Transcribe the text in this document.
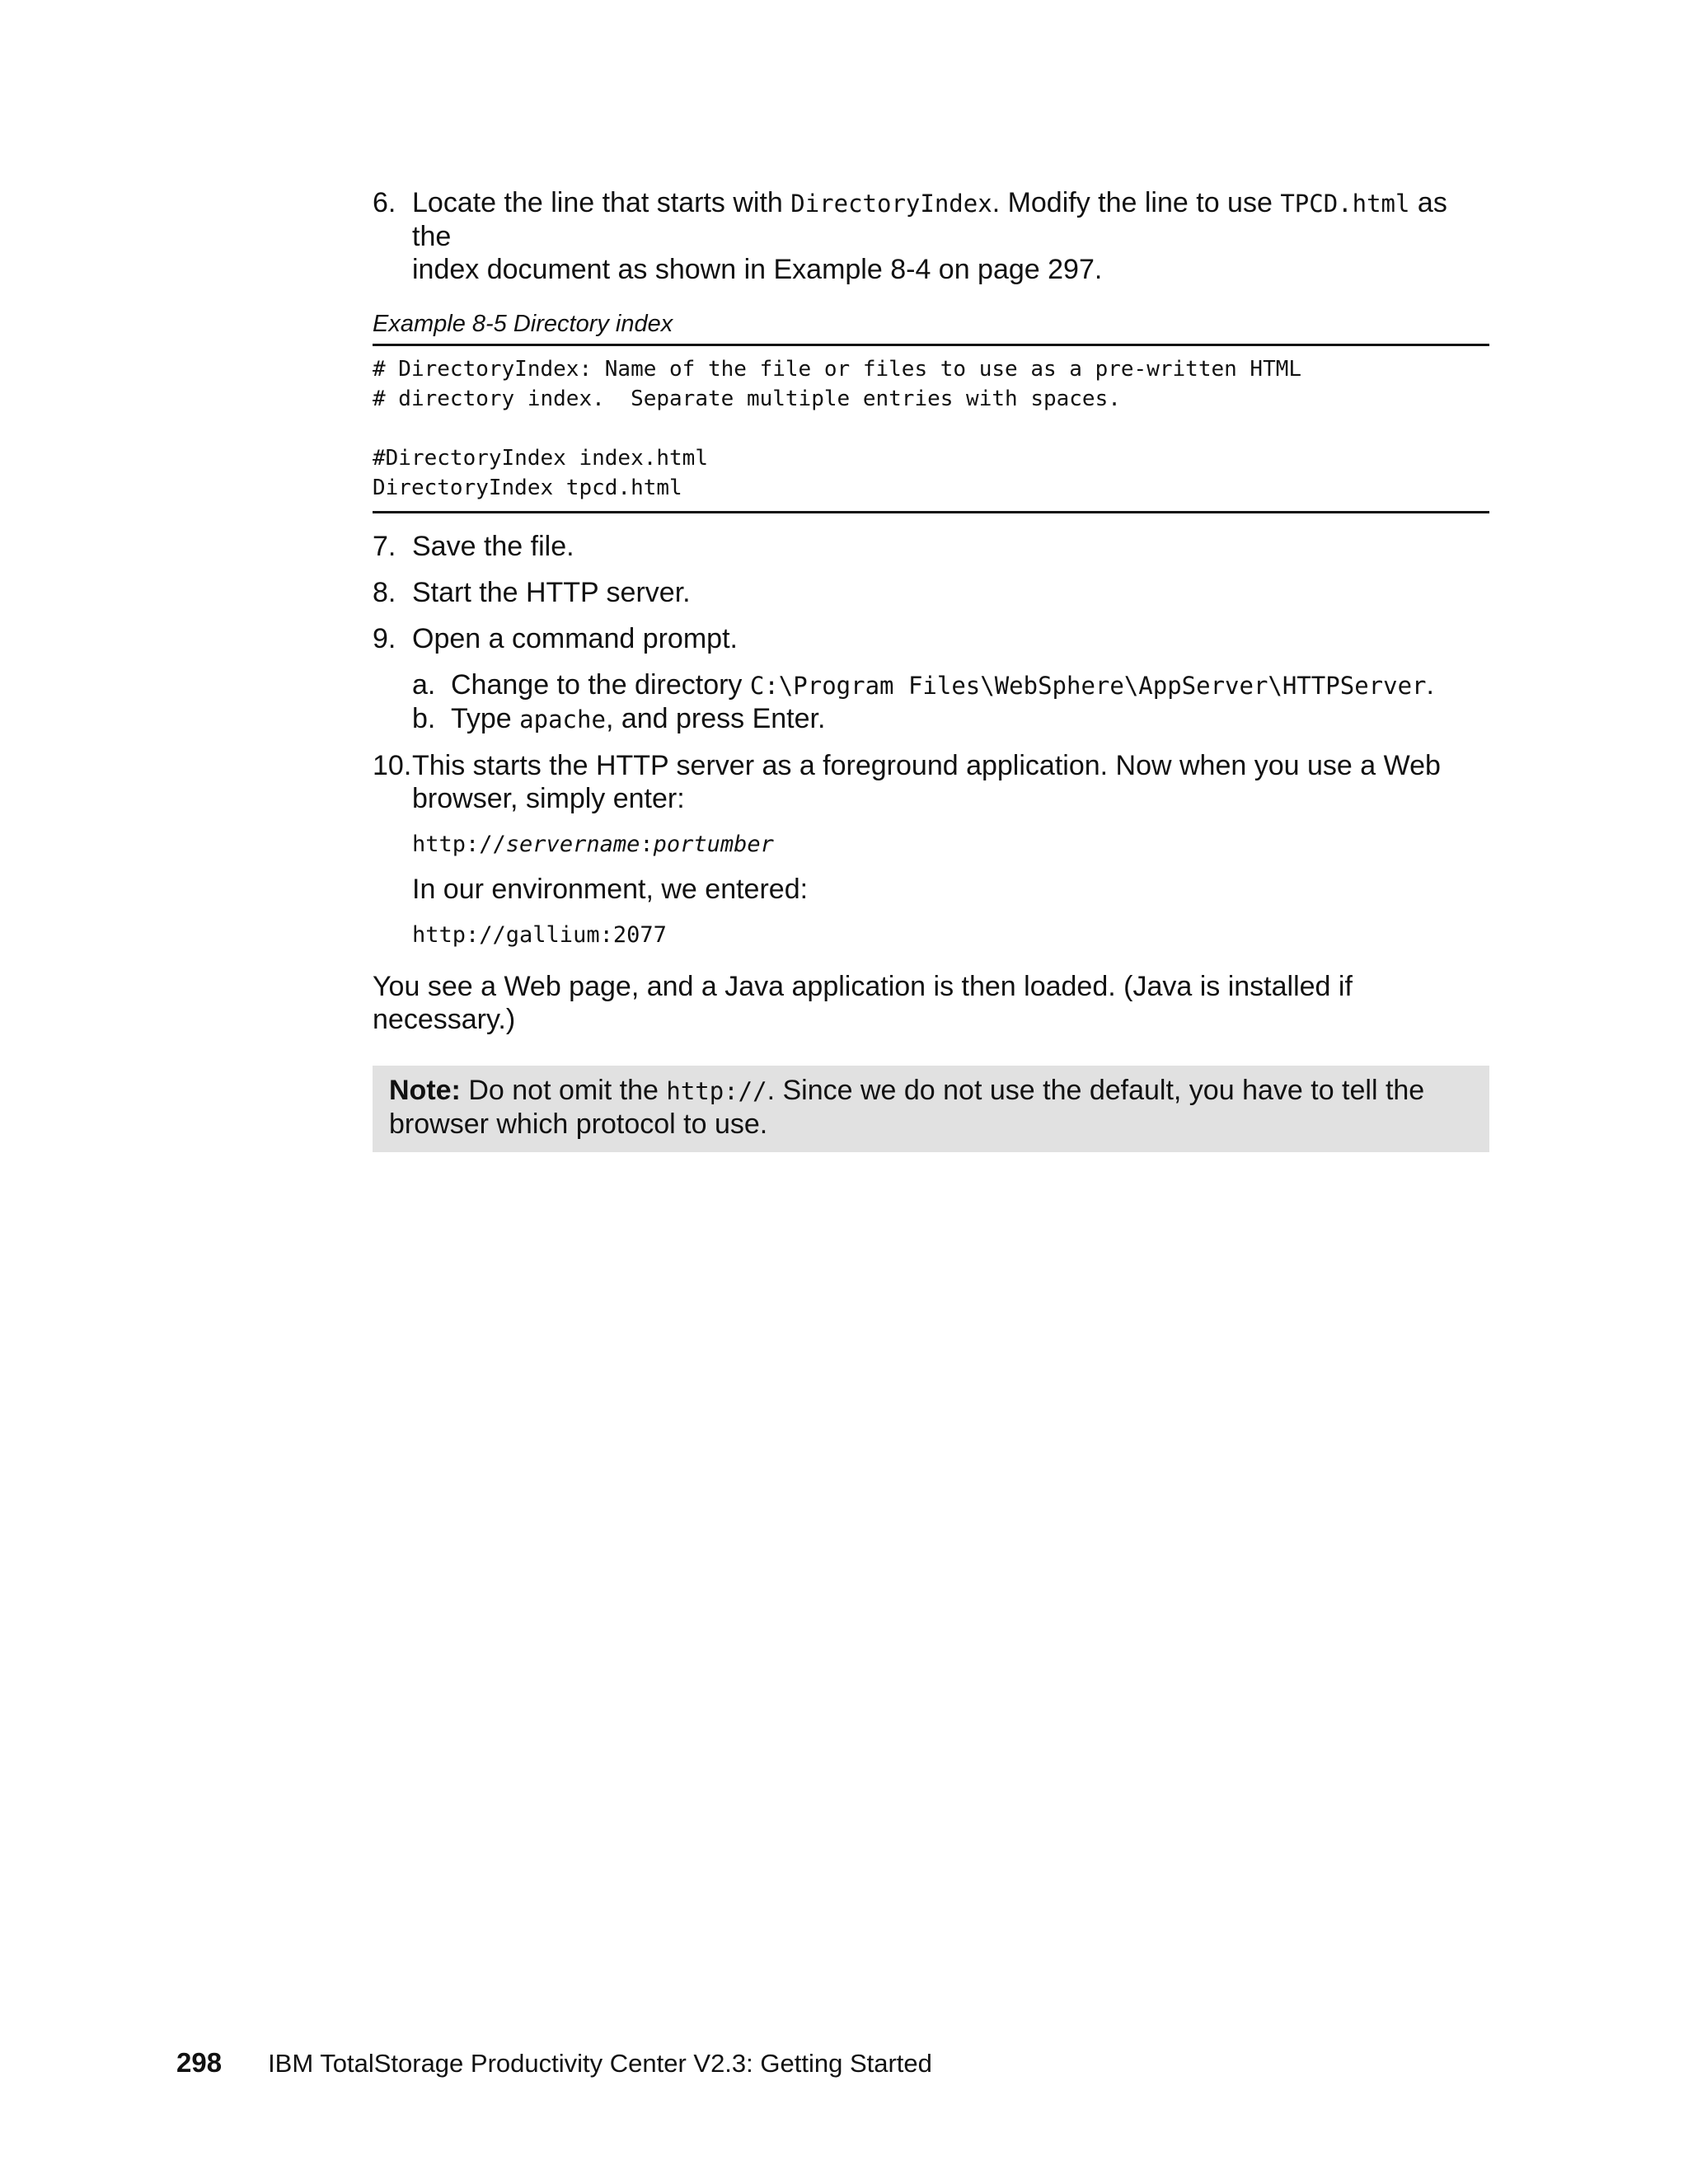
6. Locate the line that starts with DirectoryIndex. Modify the line to use TPCD.html as the
index document as shown in Example 8-4 on page 297.
Example 8-5 Directory index
# DirectoryIndex: Name of the file or files to use as a pre-written HTML
# directory index.  Separate multiple entries with spaces.

#DirectoryIndex index.html
DirectoryIndex tpcd.html
7. Save the file.
8. Start the HTTP server.
9. Open a command prompt.
a. Change to the directory C:\Program Files\WebSphere\AppServer\HTTPServer.
b. Type apache, and press Enter.
10. This starts the HTTP server as a foreground application. Now when you use a Web
browser, simply enter:
http://servername:portumber
In our environment, we entered:
http://gallium:2077
You see a Web page, and a Java application is then loaded. (Java is installed if necessary.)
Note: Do not omit the http://. Since we do not use the default, you have to tell the
browser which protocol to use.
298 IBM TotalStorage Productivity Center V2.3: Getting Started
